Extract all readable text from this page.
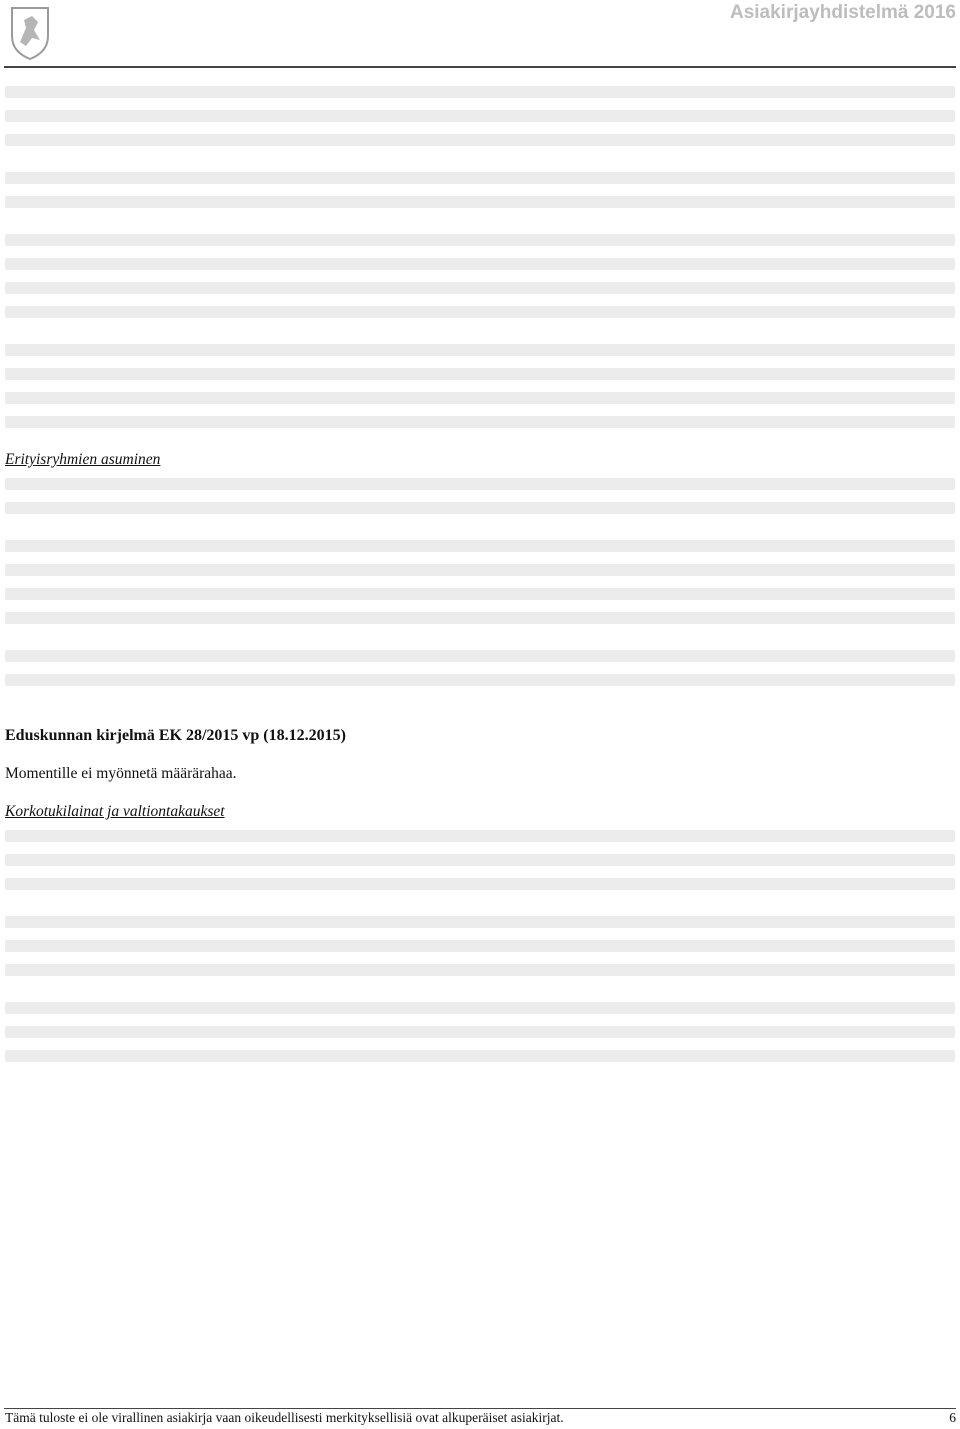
Asiakirjayhdistelmä 2016

Erityisryhmien asuminen

Eduskunnan kirjelmä EK 28/2015 vp (18.12.2015)

Momentille ei myönnetä määrärahaa.

Korkotukilainat ja valtiontakaukset

Tämä tuloste ei ole virallinen asiakirja vaan oikeudellisesti merkityksellisiä ovat alkuperäiset asiakirjat.	6
